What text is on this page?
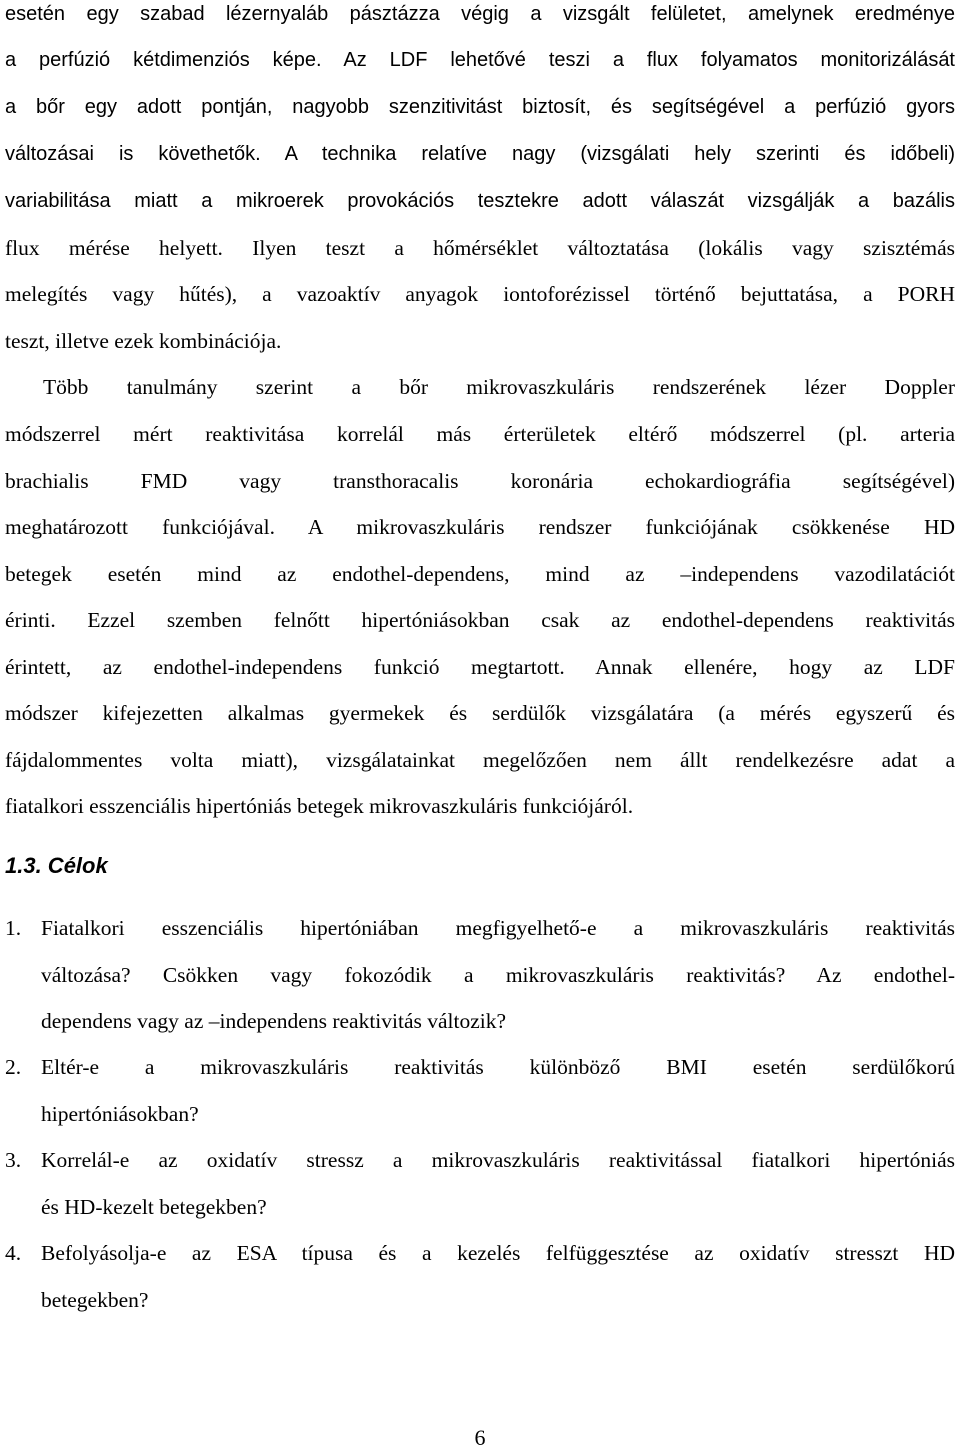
esetén egy szabad lézernyaláb pásztázza végig a vizsgált felületet, amelynek eredménye
a perfúzió kétdimenziós képe. Az LDF lehetővé teszi a flux folyamatos monitorizálását
a bőr egy adott pontján, nagyobb szenzitivitást biztosít, és segítségével a perfúzió gyors
változásai is követhetők. A technika relatíve nagy (vizsgálati hely szerinti és időbeli)
variabilitása miatt a mikroerek provokációs tesztekre adott válaszát vizsgálják a bazális
flux mérése helyett. Ilyen teszt a hőmérséklet változtatása (lokális vagy szisztémás
melegítés vagy hűtés), a vazoaktív anyagok iontoforézissel történő bejuttatása, a PORH
teszt, illetve ezek kombinációja.
Több tanulmány szerint a bőr mikrovaszkuláris rendszerének lézer Doppler
módszerrel mért reaktivitása korrelál más érterületek eltérő módszerrel (pl. arteria
brachialis FMD vagy transthoracalis koronária echokardiográfia segítségével)
meghatározott funkciójával. A mikrovaszkuláris rendszer funkciójának csökkenése HD
betegek esetén mind az endothel-dependens, mind az –independens vazodilatációt
érinti. Ezzel szemben felnőtt hipertóniásokban csak az endothel-dependens reaktivitás
érintett, az endothel-independens funkció megtartott. Annak ellenére, hogy az LDF
módszer kifejezetten alkalmas gyermekek és serdülők vizsgálatára (a mérés egyszerű és
fájdalommentes volta miatt), vizsgálatainkat megelőzően nem állt rendelkezésre adat a
fiatalkori esszenciális hipertóniás betegek mikrovaszkuláris funkciójáról.
1.3. Célok
1. Fiatalkori esszenciális hipertóniában megfigyelhető-e a mikrovaszkuláris reaktivitás
változása? Csökken vagy fokozódik a mikrovaszkuláris reaktivitás? Az endothel-
dependens vagy az –independens reaktivitás változik?
2. Eltér-e a mikrovaszkuláris reaktivitás különböző BMI esetén serdülőkorú
hipertóniásokban?
3. Korrelál-e az oxidatív stressz a mikrovaszkuláris reaktivitással fiatalkori hipertóniás
és HD-kezelt betegekben?
4. Befolyásolja-e az ESA típusa és a kezelés felfüggesztése az oxidatív stresszt HD
betegekben?
6
